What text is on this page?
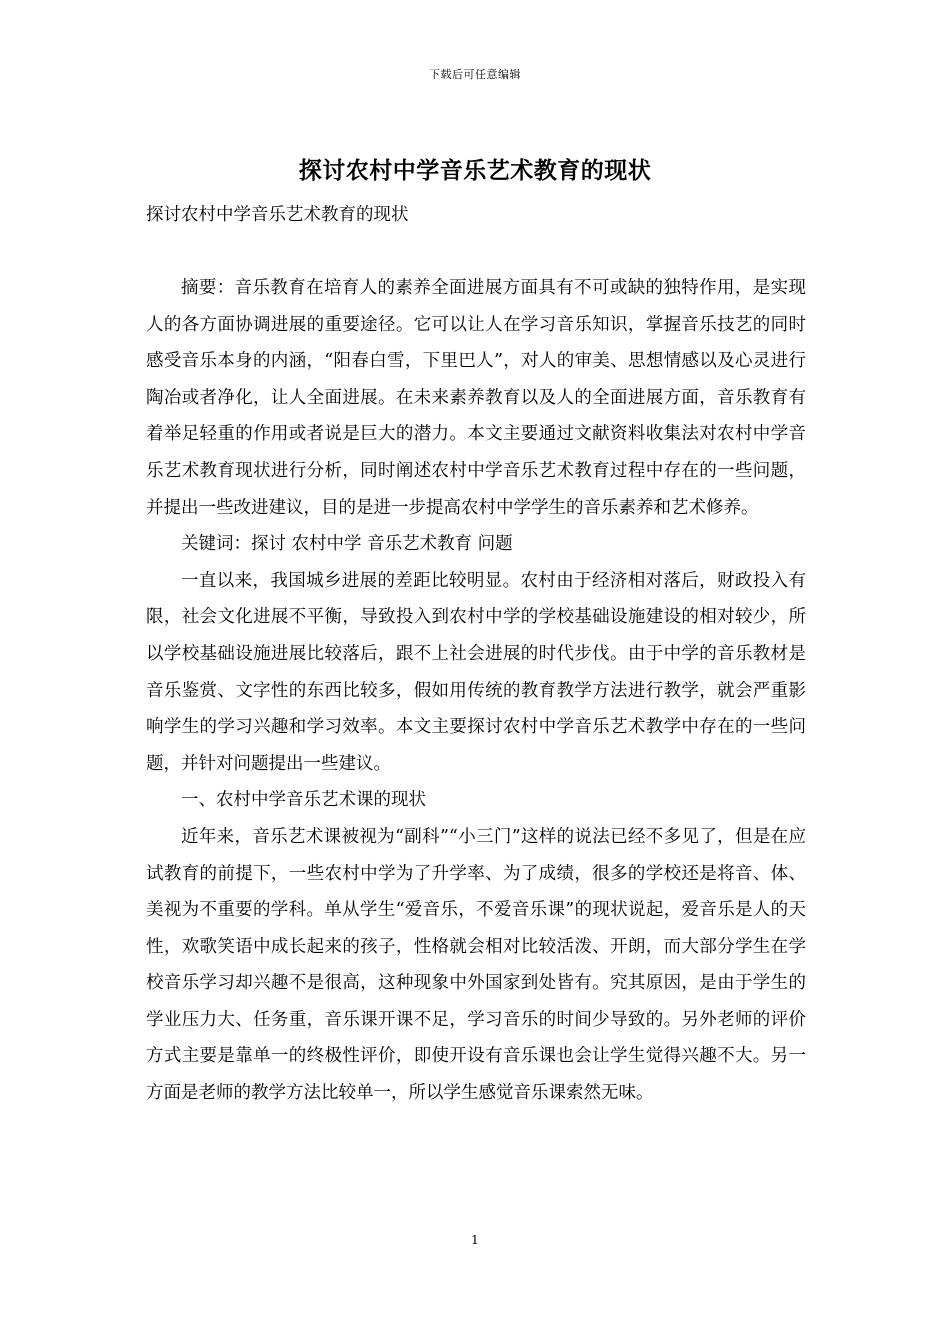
下载后可任意编辑
探讨农村中学音乐艺术教育的现状
探讨农村中学音乐艺术教育的现状

摘要：音乐教育在培育人的素养全面进展方面具有不可或缺的独特作用，是实现人的各方面协调进展的重要途径。它可以让人在学习音乐知识，掌握音乐技艺的同时感受音乐本身的内涵，“阳春白雪，下里巴人”，对人的审美、思想情感以及心灵进行陶冶或者净化，让人全面进展。在未来素养教育以及人的全面进展方面，音乐教育有着举足轻重的作用或者说是巨大的潜力。本文主要通过文献资料收集法对农村中学音乐艺术教育现状进行分析，同时阐述农村中学音乐艺术教育过程中存在的一些问题，并提出一些改进建议，目的是进一步提高农村中学学生的音乐素养和艺术修养。

关键词：探讨 农村中学 音乐艺术教育 问题

一直以来，我国城乡进展的差距比较明显。农村由于经济相对落后，财政投入有限，社会文化进展不平衡，导致投入到农村中学的学校基础设施建设的相对较少，所以学校基础设施进展比较落后，跟不上社会进展的时代步伐。由于中学的音乐教材是音乐鉴赏、文字性的东西比较多，假如用传统的教育教学方法进行教学，就会严重影响学生的学习兴趣和学习效率。本文主要探讨农村中学音乐艺术教学中存在的一些问题，并针对问题提出一些建议。

一、农村中学音乐艺术课的现状

近年来，音乐艺术课被视为“副科”“小三门”这样的说法已经不多见了，但是在应试教育的前提下，一些农村中学为了升学率、为了成绩，很多的学校还是将音、体、美视为不重要的学科。单从学生“爱音乐，不爱音乐课”的现状说起，爱音乐是人的天性，欢歌笑语中成长起来的孩子，性格就会相对比较活泼、开朗，而大部分学生在学校音乐学习却兴趣不是很高，这种现象中外国家到处皆有。究其原因，是由于学生的学业压力大、任务重，音乐课开课不足，学习音乐的时间少导致的。另外老师的评价方式主要是靠单一的终极性评价，即使开设有音乐课也会让学生觉得兴趣不大。另一方面是老师的教学方法比较单一，所以学生感觉音乐课索然无味。

1
